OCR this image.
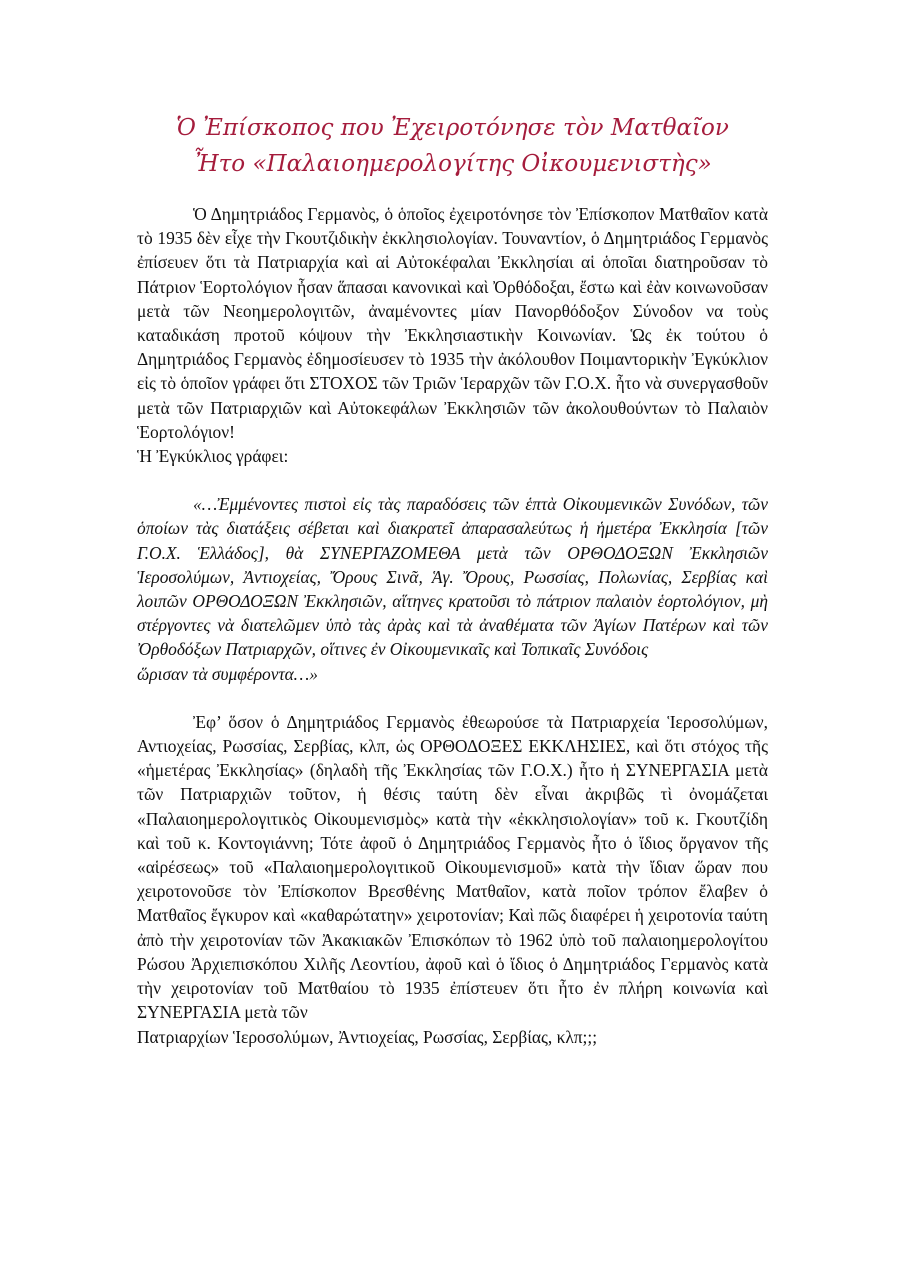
Ὁ Ἐπίσκοπος που Ἐχειροτόνησε τὸν Ματθαῖον
Ἦτο «Παλαιοημερολογίτης Οἰκουμενιστὴς»

Ὁ Δημητριάδος Γερμανὸς, ὁ ὁποῖος ἐχειροτόνησε τὸν Ἐπίσκοπον Ματθαῖον κατὰ τὸ 1935 δὲν εἶχε τὴν Γκουτζιδικὴν ἐκκλησιολογίαν. Τουναντίον, ὁ Δημητριάδος Γερμανὸς ἐπίσευεν ὅτι τὰ Πατριαρχία καὶ αἱ Αὐτοκέφαλαι Ἐκκλησίαι αἱ ὁποῖαι διατηροῦσαν τὸ Πάτριον Ἑορτολόγιον ἦσαν ἅπασαι κανονικαὶ καὶ Ὀρθόδοξαι, ἔστω καὶ ἐὰν κοινωνοῦσαν μετὰ τῶν Νεοημερολογιτῶν, ἀναμένοντες μίαν Πανορθόδοξον Σύνοδον να τοὺς καταδικάση προτοῦ κόψουν τὴν Ἐκκλησιαστικὴν Κοινωνίαν. Ὡς ἐκ τούτου ὁ Δημητριάδος Γερμανὸς ἐδημοσίευσεν τὸ 1935 τὴν ἀκόλουθον Ποιμαντορικὴν Ἐγκύκλιον εἰς τὸ ὁποῖον γράφει ὅτι ΣΤΟΧΟΣ τῶν Τριῶν Ἱεραρχῶν τῶν Γ.Ο.Χ. ἦτο νὰ συνεργασθοῦν μετὰ τῶν Πατριαρχιῶν καὶ Αὐτοκεφάλων Ἐκκλησιῶν τῶν ἀκολουθούντων τὸ Παλαιὸν Ἑορτολόγιον!

Ἡ Ἐγκύκλιος γράφει:

«…Ἐμμένοντες πιστοὶ εἰς τὰς παραδόσεις τῶν ἑπτὰ Οἰκουμενικῶν Συνόδων, τῶν ὁποίων τὰς διατάξεις σέβεται καὶ διακρατεῖ ἀπαρασαλεύτως ἡ ἡμετέρα Ἐκκλησία [τῶν Γ.Ο.Χ. Ἑλλάδος], θὰ ΣΥΝΕΡΓΑΖΟΜΕΘΑ μετὰ τῶν ΟΡΘΟΔΟΞΩΝ Ἐκκλησιῶν Ἱεροσολύμων, Ἀντιοχείας, Ὄρους Σινᾶ, Ἁγ. Ὄρους, Ρωσσίας, Πολωνίας, Σερβίας καὶ λοιπῶν ΟΡΘΟΔΟΞΩΝ Ἐκκλησιῶν, αἵτηνες κρατοῦσι τὸ πάτριον παλαιὸν ἑορτολόγιον, μὴ στέργοντες νὰ διατελῶμεν ὑπὸ τὰς ἀρὰς καὶ τὰ ἀναθέματα τῶν Ἁγίων Πατέρων καὶ τῶν Ὀρθοδόξων Πατριαρχῶν, οἵτινες ἐν Οἰκουμενικαῖς καὶ Τοπικαῖς Συνόδοις

ὥρισαν τὰ συμφέροντα…»

Ἐφ’ ὅσον ὁ Δημητριάδος Γερμανὸς ἐθεωρούσε τὰ Πατριαρχεία Ἱεροσολύμων, Αντιοχείας, Ρωσσίας, Σερβίας, κλπ, ὡς ΟΡΘΟΔΟΞΕΣ ΕΚΚΛΗΣΙΕΣ, καὶ ὅτι στόχος τῆς «ἡμετέρας Ἐκκλησίας» (δηλαδὴ τῆς Ἐκκλησίας τῶν Γ.Ο.Χ.) ἦτο ἡ ΣΥΝΕΡΓΑΣΙΑ μετὰ τῶν Πατριαρχιῶν τοῦτον, ἡ θέσις ταύτη δὲν εἶναι ἀκριβῶς τὶ ὀνομάζεται «Παλαιοημερολογιτικὸς Οἰκουμενισμὸς» κατὰ τὴν «ἐκκλησιολογίαν» τοῦ κ. Γκουτζίδη καὶ τοῦ κ. Κοντογιάννη; Τότε ἀφοῦ ὁ Δημητριάδος Γερμανὸς ἦτο ὁ ἴδιος ὄργανον τῆς «αἱρέσεως» τοῦ «Παλαιοημερολογιτικοῦ Οἰκουμενισμοῦ» κατὰ τὴν ἴδιαν ὥραν που χειροτονοῦσε τὸν Ἐπίσκοπον Βρεσθένης Ματθαῖον, κατὰ ποῖον τρόπον ἔλαβεν ὁ Ματθαῖος ἔγκυρον καὶ «καθαρώτατην» χειροτονίαν; Καὶ πῶς διαφέρει ἡ χειροτονία ταύτη ἀπὸ τὴν χειροτονίαν τῶν Ἀκακιακῶν Ἐπισκόπων τὸ 1962 ὑπὸ τοῦ παλαιοημερολογίτου Ρώσου Ἀρχιεπισκόπου Χιλῆς Λεοντίου, ἀφοῦ καὶ ὁ ἴδιος ὁ Δημητριάδος Γερμανὸς κατὰ τὴν χειροτονίαν τοῦ Ματθαίου τὸ 1935 ἐπίστευεν ὅτι ἦτο ἐν πλήρη κοινωνία καὶ ΣΥΝΕΡΓΑΣΙΑ μετὰ τῶν

Πατριαρχίων Ἱεροσολύμων, Ἀντιοχείας, Ρωσσίας, Σερβίας, κλπ;;;
